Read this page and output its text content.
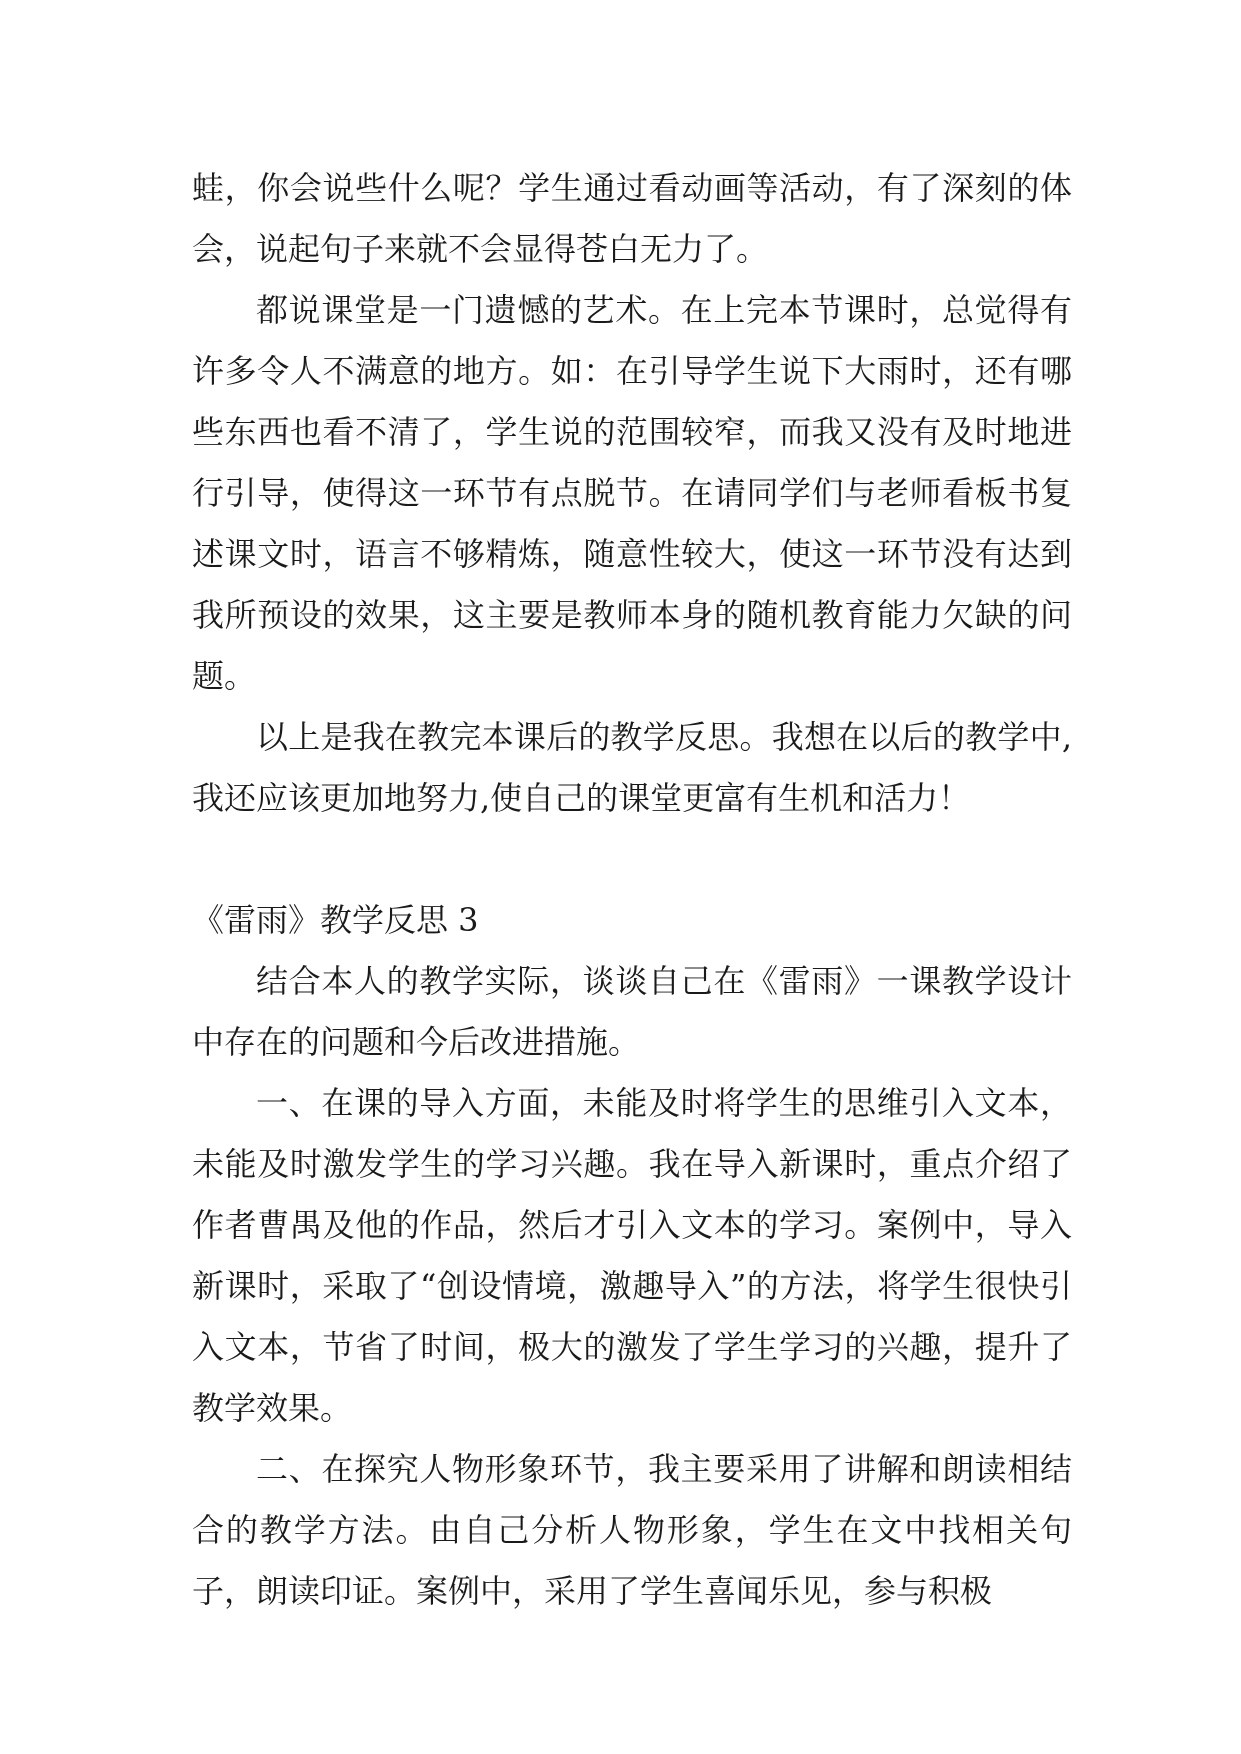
蛙，你会说些什么呢？学生通过看动画等活动，有了深刻的体会，说起句子来就不会显得苍白无力了。

都说课堂是一门遗憾的艺术。在上完本节课时，总觉得有许多令人不满意的地方。如：在引导学生说下大雨时，还有哪些东西也看不清了，学生说的范围较窄，而我又没有及时地进行引导，使得这一环节有点脱节。在请同学们与老师看板书复述课文时，语言不够精炼，随意性较大，使这一环节没有达到我所预设的效果，这主要是教师本身的随机教育能力欠缺的问题。

以上是我在教完本课后的教学反思。我想在以后的教学中,我还应该更加地努力,使自己的课堂更富有生机和活力！

《雷雨》教学反思 3

结合本人的教学实际，谈谈自己在《雷雨》一课教学设计中存在的问题和今后改进措施。

一、在课的导入方面，未能及时将学生的思维引入文本，未能及时激发学生的学习兴趣。我在导入新课时，重点介绍了作者曹禺及他的作品，然后才引入文本的学习。案例中，导入新课时，采取了“创设情境，激趣导入”的方法，将学生很快引入文本，节省了时间，极大的激发了学生学习的兴趣，提升了教学效果。

二、在探究人物形象环节，我主要采用了讲解和朗读相结合的教学方法。由自己分析人物形象，学生在文中找相关句子，朗读印证。案例中，采用了学生喜闻乐见，参与积极
